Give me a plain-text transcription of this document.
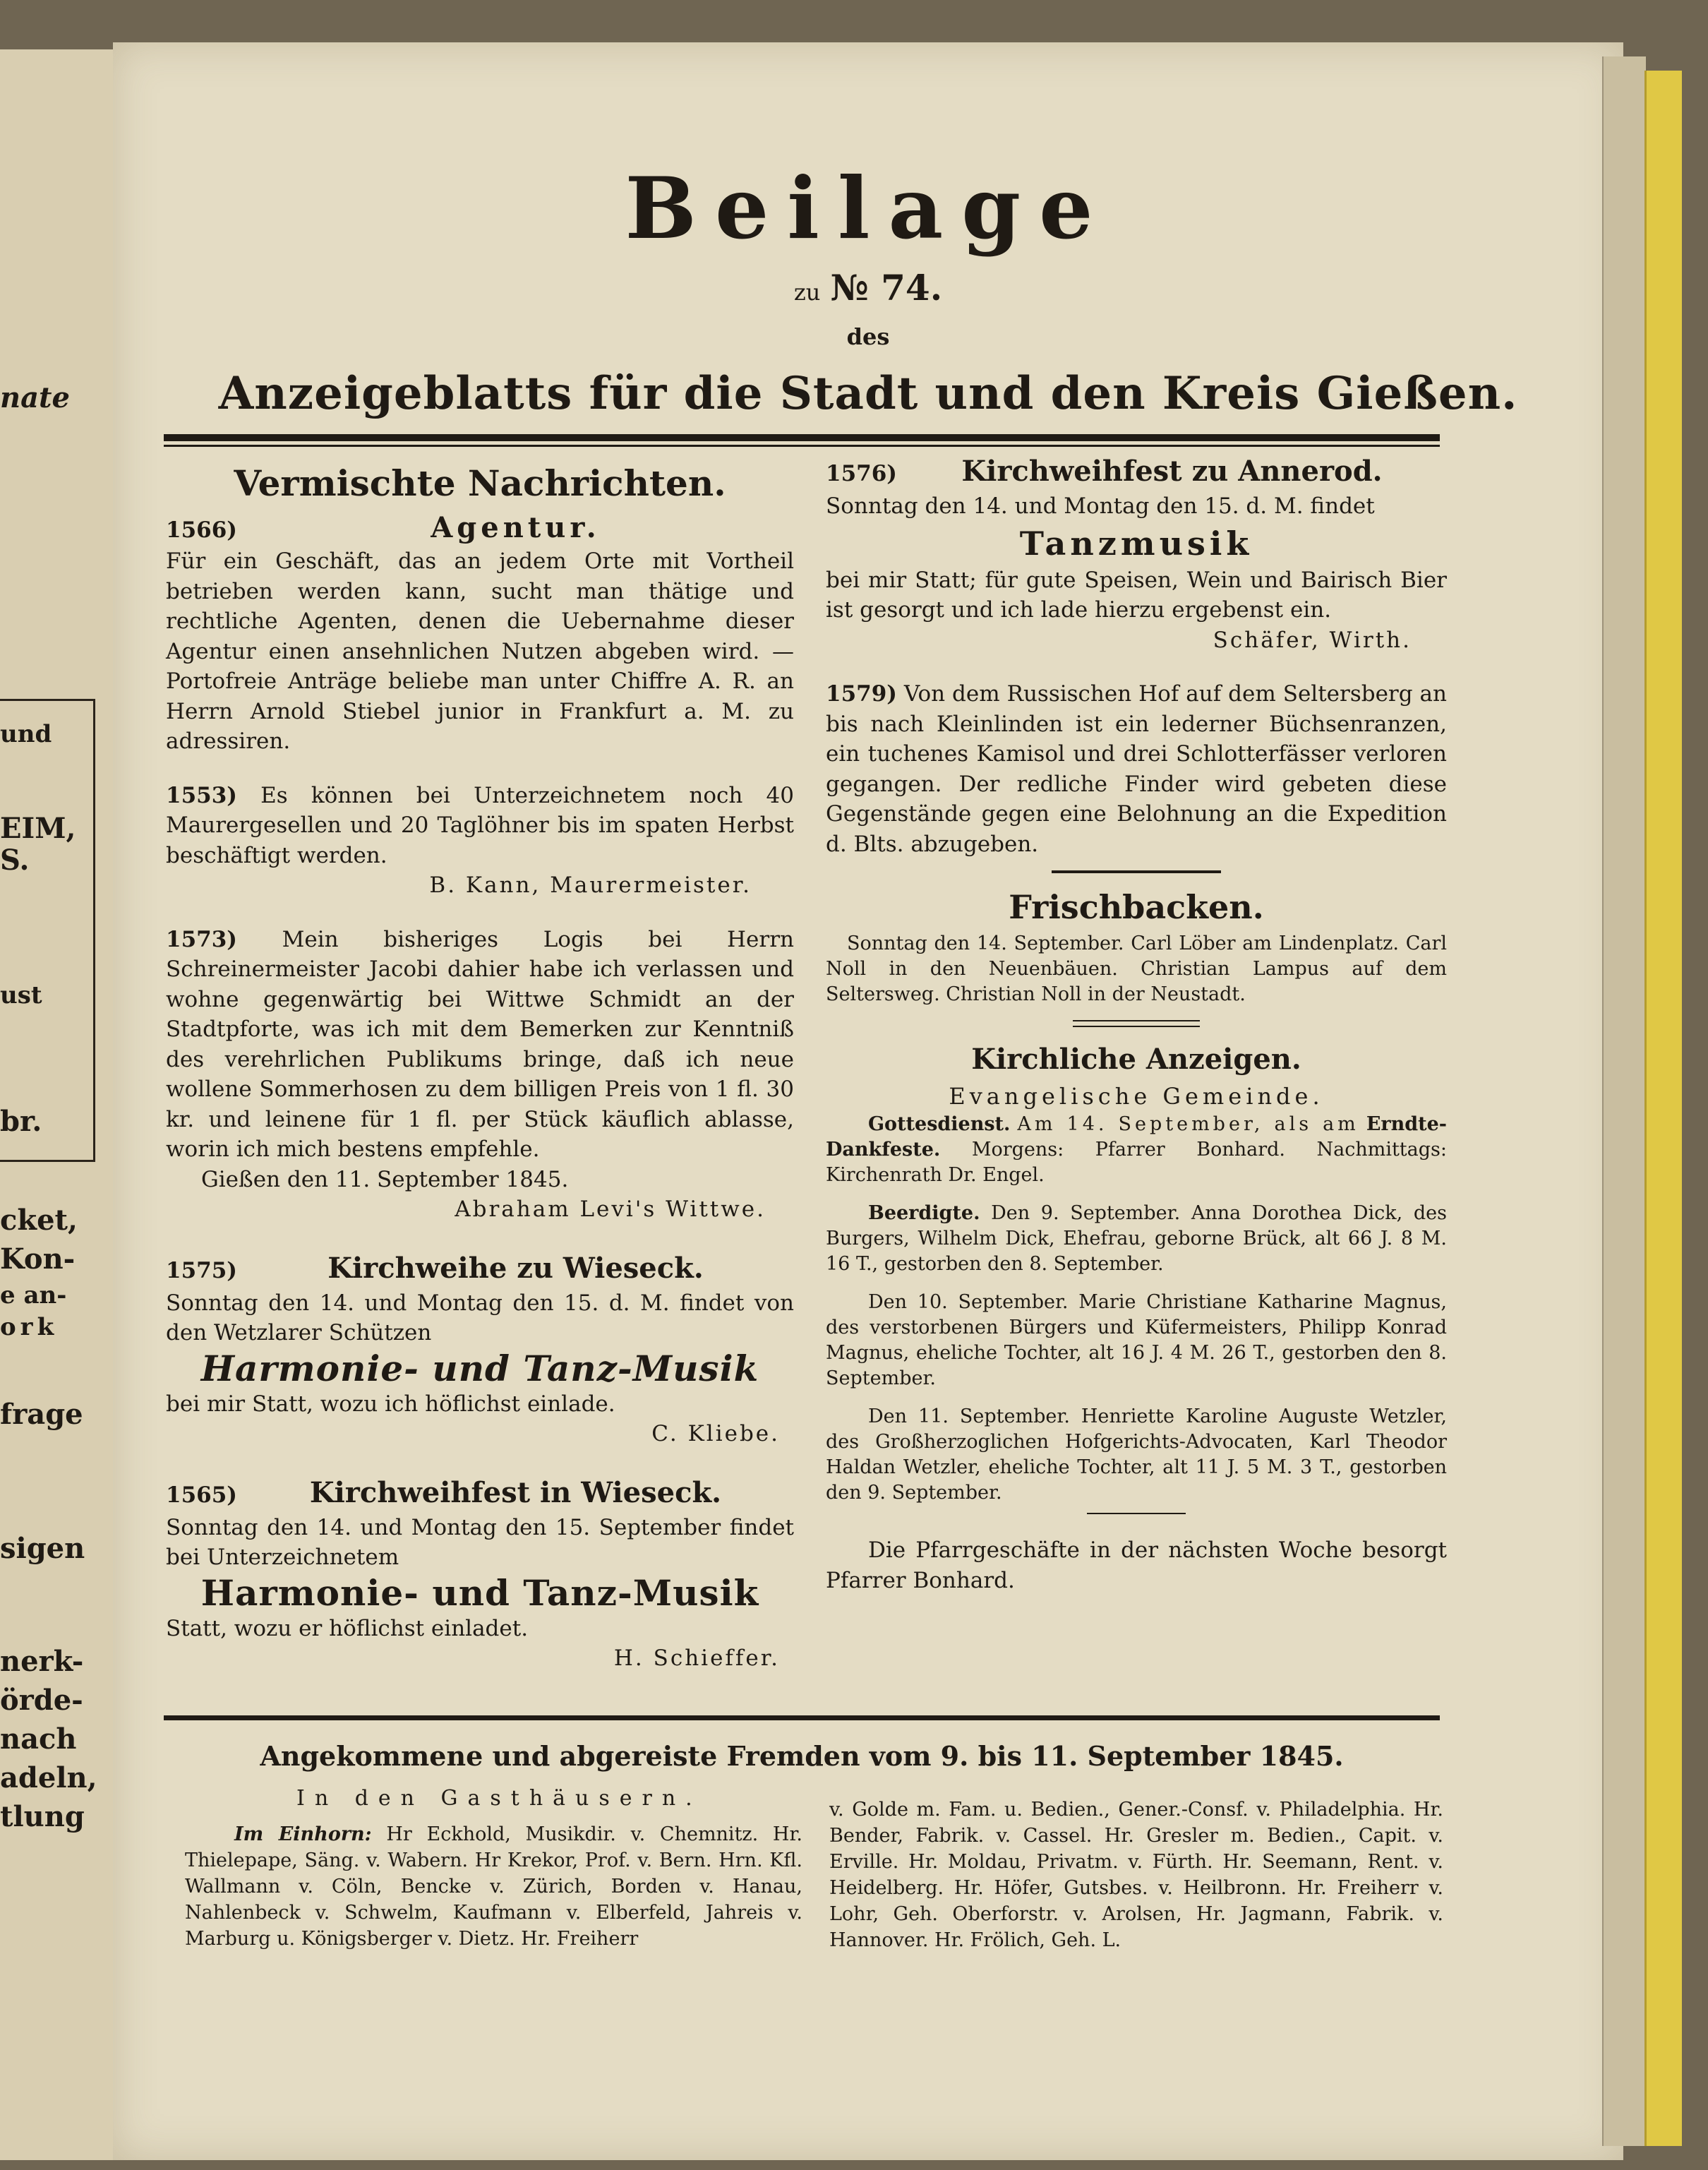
nate
und
EIM,
S.
ust
br.
cket,
Kon-
e an-
ork
frage
sigen
nerk-
örde-
nach
adeln,
tlung
Beilage
zu № 74.
des
Anzeigeblatts für die Stadt und den Kreis Gießen.
Vermischte Nachrichten.
1566)	Agentur.

Für ein Geschäft, das an jedem Orte mit Vortheil betrieben werden kann, sucht man thätige und rechtliche Agenten, denen die Uebernahme dieser Agentur einen ansehnlichen Nutzen abgeben wird. — Portofreie Anträge beliebe man unter Chiffre A. R. an Herrn Arnold Stiebel junior in Frankfurt a. M. zu adressiren.

1553) Es können bei Unterzeichnetem noch 40 Maurergesellen und 20 Taglöhner bis im spaten Herbst beschäftigt werden.

B. Kann, Maurermeister.

1573) Mein bisheriges Logis bei Herrn Schreinermeister Jacobi dahier habe ich verlassen und wohne gegenwärtig bei Wittwe Schmidt an der Stadtpforte, was ich mit dem Bemerken zur Kenntniß des verehrlichen Publikums bringe, daß ich neue wollene Sommerhosen zu dem billigen Preis von 1 fl. 30 kr. und leinene für 1 fl. per Stück käuflich ablasse, worin ich mich bestens empfehle.

Gießen den 11. September 1845.

Abraham Levi's Wittwe.

1575)	Kirchweihe zu Wieseck.

Sonntag den 14. und Montag den 15. d. M. findet von den Wetzlarer Schützen

Harmonie- und Tanz-Musik

bei mir Statt, wozu ich höflichst einlade.

C. Kliebe.

1565)	Kirchweihfest in Wieseck.

Sonntag den 14. und Montag den 15. September findet bei Unterzeichnetem

Harmonie- und Tanz-Musik

Statt, wozu er höflichst einladet.

H. Schieffer.

1576)	Kirchweihfest zu Annerod.

Sonntag den 14. und Montag den 15. d. M. findet

Tanzmusik

bei mir Statt; für gute Speisen, Wein und Bairisch Bier ist gesorgt und ich lade hierzu ergebenst ein.

Schäfer, Wirth.

1579) Von dem Russischen Hof auf dem Seltersberg an bis nach Kleinlinden ist ein lederner Büchsenranzen, ein tuchenes Kamisol und drei Schlotterfässer verloren gegangen. Der redliche Finder wird gebeten diese Gegenstände gegen eine Belohnung an die Expedition d. Blts. abzugeben.

Frischbacken.

Sonntag den 14. September. Carl Löber am Lindenplatz. Carl Noll in den Neuenbäuen. Christian Lampus auf dem Seltersweg. Christian Noll in der Neustadt.

Kirchliche Anzeigen.
Evangelische Gemeinde.

Gottesdienst. Am 14. September, als am Erndte-Dankfeste. Morgens: Pfarrer Bonhard. Nachmittags: Kirchenrath Dr. Engel.

Beerdigte. Den 9. September. Anna Dorothea Dick, des Burgers, Wilhelm Dick, Ehefrau, geborne Brück, alt 66 J. 8 M. 16 T., gestorben den 8. September.

Den 10. September. Marie Christiane Katharine Magnus, des verstorbenen Bürgers und Küfermeisters, Philipp Konrad Magnus, eheliche Tochter, alt 16 J. 4 M. 26 T., gestorben den 8. September.

Den 11. September. Henriette Karoline Auguste Wetzler, des Großherzoglichen Hofgerichts-Advocaten, Karl Theodor Haldan Wetzler, eheliche Tochter, alt 11 J. 5 M. 3 T., gestorben den 9. September.

Die Pfarrgeschäfte in der nächsten Woche besorgt Pfarrer Bonhard.

Angekommene und abgereiste Fremden vom 9. bis 11. September 1845.
In den Gasthäusern.
Im Einhorn: Hr Eckhold, Musikdir. v. Chemnitz. Hr. Thielepape, Säng. v. Wabern. Hr Krekor, Prof. v. Bern. Hrn. Kfl. Wallmann v. Cöln, Bencke v. Zürich, Borden v. Hanau, Nahlenbeck v. Schwelm, Kaufmann v. Elberfeld, Jahreis v. Marburg u. Königsberger v. Dietz. Hr. Freiherr
v. Golde m. Fam. u. Bedien., Gener.-Consf. v. Philadelphia. Hr. Bender, Fabrik. v. Cassel. Hr. Gresler m. Bedien., Capit. v. Erville. Hr. Moldau, Privatm. v. Fürth. Hr. Seemann, Rent. v. Heidelberg. Hr. Höfer, Gutsbes. v. Heilbronn. Hr. Freiherr v. Lohr, Geh. Oberforstr. v. Arolsen, Hr. Jagmann, Fabrik. v. Hannover. Hr. Frölich, Geh. L.
